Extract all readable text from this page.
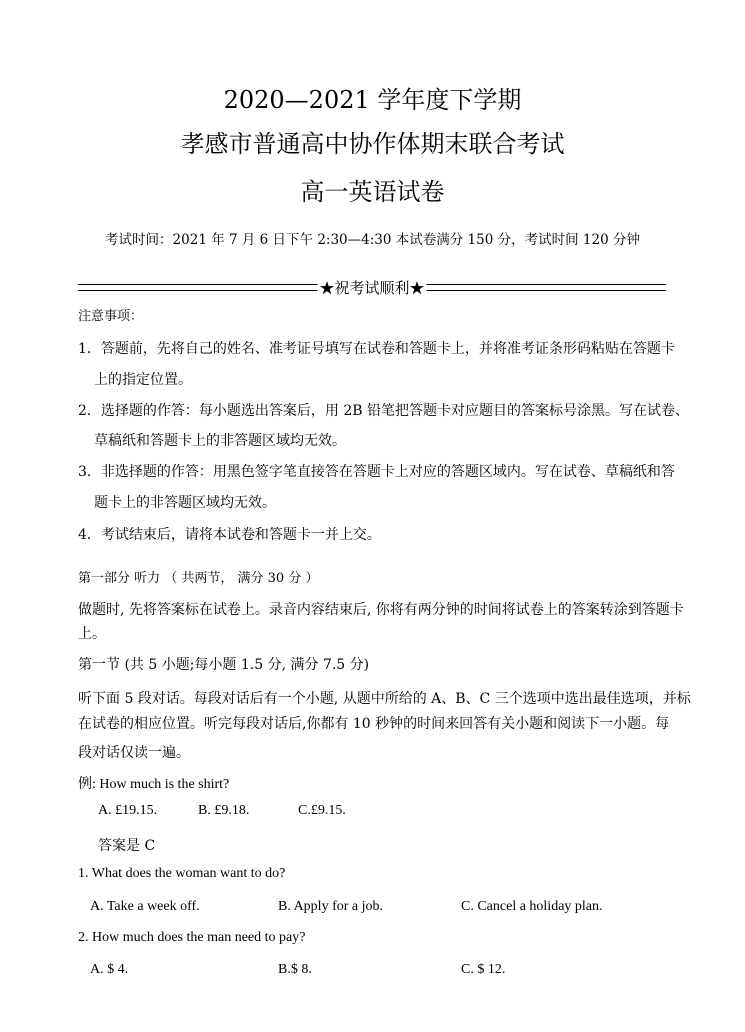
2020—2021 学年度下学期
孝感市普通高中协作体期末联合考试
高一英语试卷
考试时间：2021 年 7 月 6 日下午 2:30—4:30 本试卷满分 150 分，考试时间 120 分钟
★祝考试顺利★
注意事项：
1．答题前，先将自己的姓名、准考证号填写在试卷和答题卡上，并将准考证条形码粘贴在答题卡
上的指定位置。
2．选择题的作答：每小题选出答案后，用 2B 铅笔把答题卡对应题目的答案标号涂黑。写在试卷、
草稿纸和答题卡上的非答题区域均无效。
3．非选择题的作答：用黑色签字笔直接答在答题卡上对应的答题区域内。写在试卷、草稿纸和答
题卡上的非答题区域均无效。
4．考试结束后，请将本试卷和答题卡一并上交。
第一部分 听力 （ 共两节， 满分 30 分 ）
做题时, 先将答案标在试卷上。录音内容结束后, 你将有两分钟的时间将试卷上的答案转涂到答题卡
上。
第一节 (共 5 小题;每小题 1.5 分, 满分 7.5 分)
听下面 5 段对话。每段对话后有一个小题, 从题中所给的 A、B、C 三个选项中选出最佳选项，并标
在试卷的相应位置。听完每段对话后,你都有 10 秒钟的时间来回答有关小题和阅读下一小题。每
段对话仅读一遍。
例: How much is the shirt?
A. £19.15.	B. £9.18.	C.£9.15.
答案是 C
1. What does the woman want to do?
A. Take a week off.	B. Apply for a job.	C. Cancel a holiday plan.
2. How much does the man need to pay?
A. $ 4.	B.$ 8.	C. $ 12.
